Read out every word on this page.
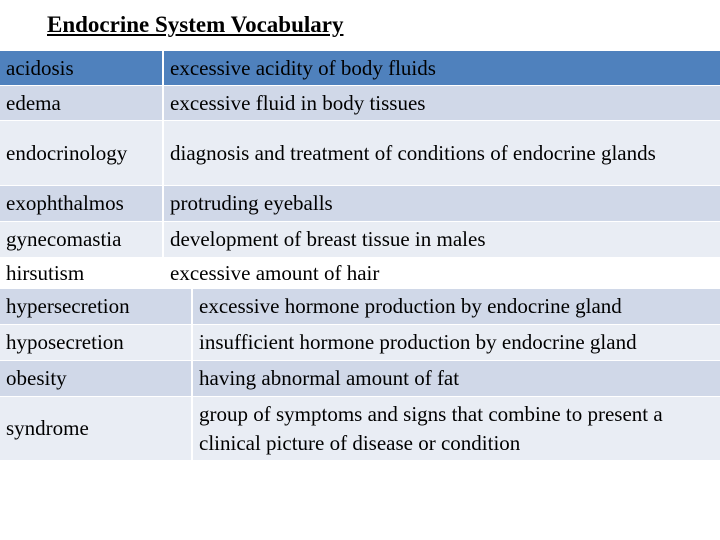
Endocrine System Vocabulary
acidosis	excessive acidity of body fluids
edema	excessive fluid in body tissues
endocrinology	diagnosis and treatment of conditions of endocrine glands
exophthalmos	protruding eyeballs
gynecomastia	development of breast tissue in males
hirsutism	excessive amount of hair
hypersecretion	excessive hormone production by endocrine gland
hyposecretion	insufficient hormone production by endocrine gland
obesity	having abnormal amount of fat
syndrome	group of symptoms and signs that combine to present a clinical picture of disease or condition
